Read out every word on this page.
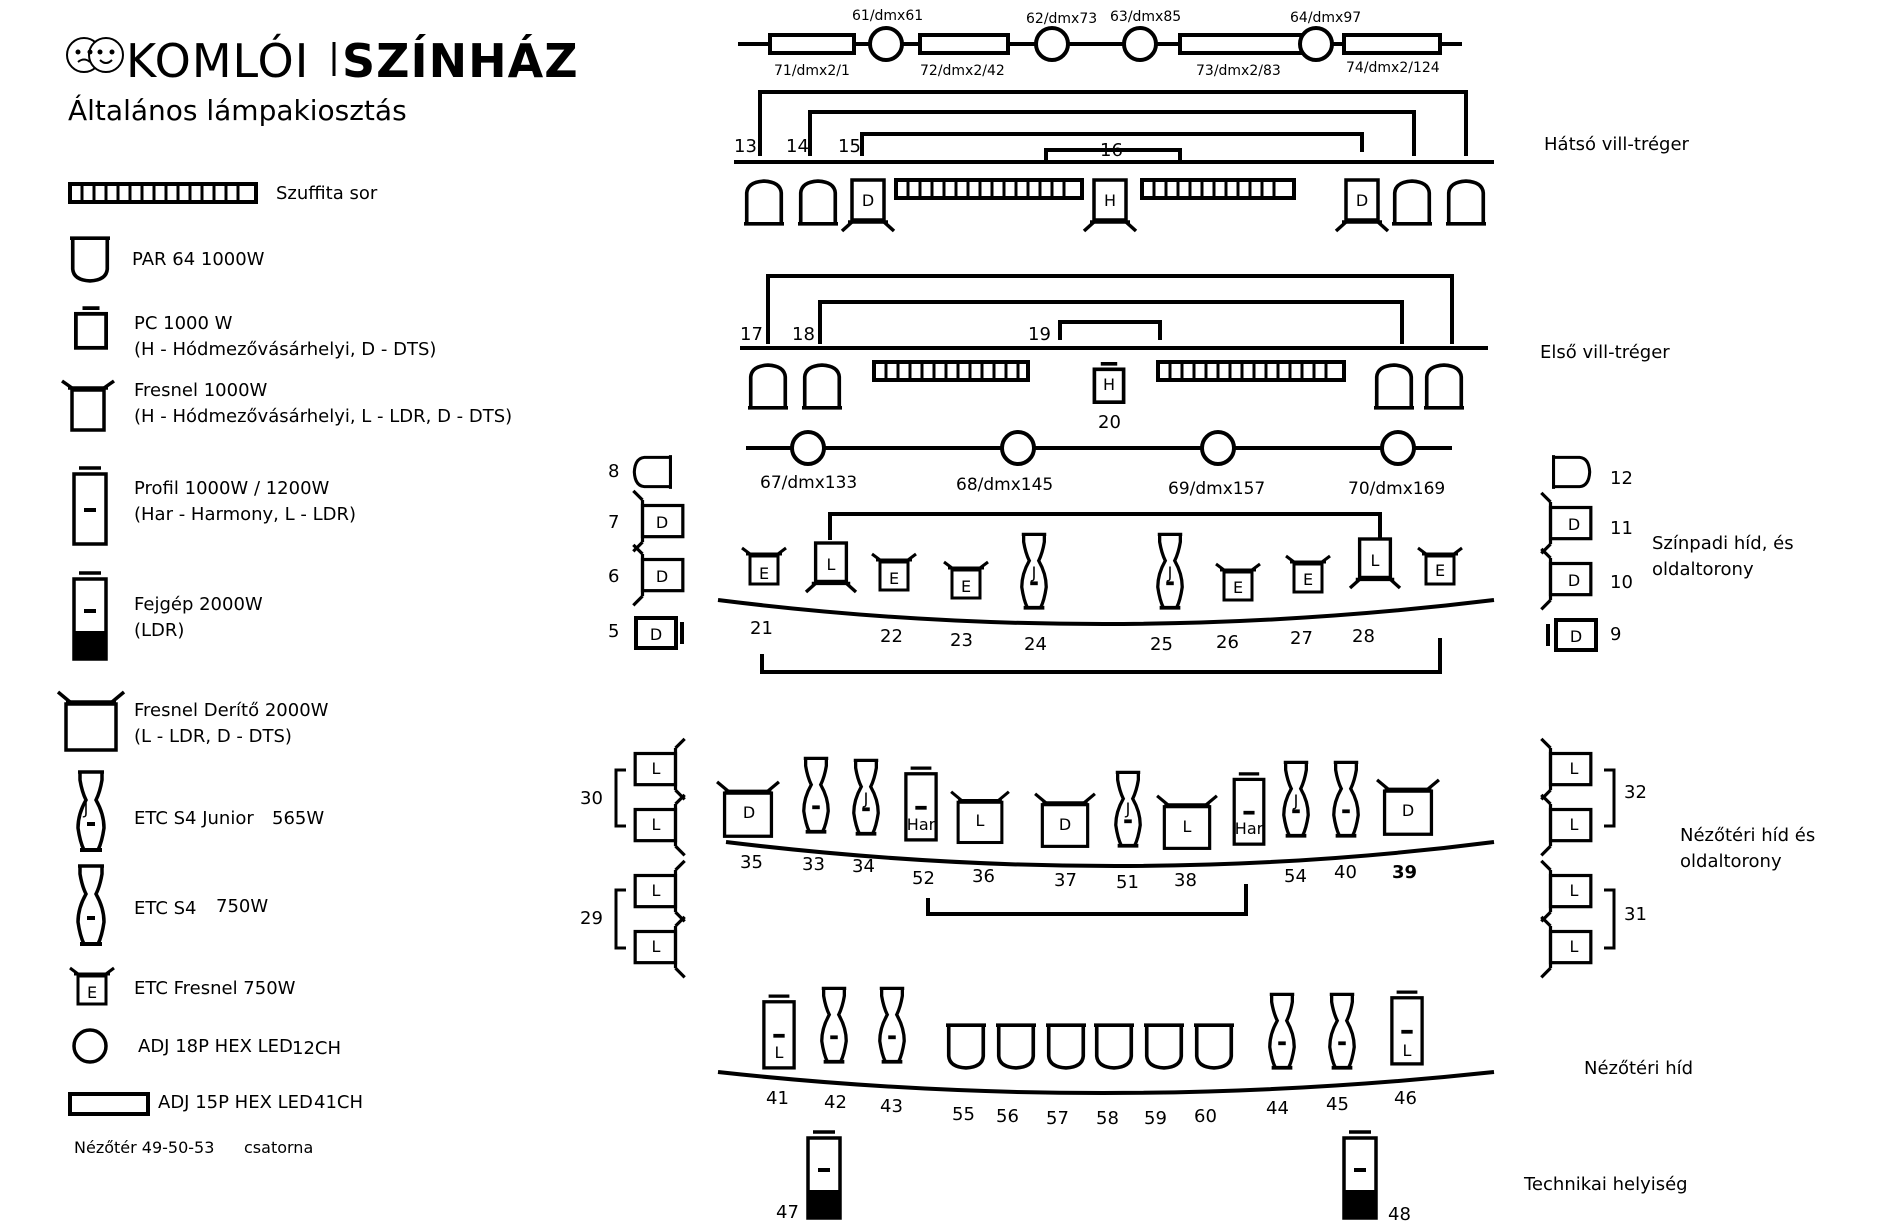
KOMLÓI SZÍNHÁZ
Általános lámpakiosztás
Szuffita sor
PAR 64 1000W
PC 1000 W
(H - Hódmezővásárhelyi, D - DTS)
Fresnel 1000W
(H - Hódmezővásárhelyi, L - LDR, D - DTS)
Profil 1000W / 1200W
(Har - Harmony, L - LDR)
Fejgép 2000W
(LDR)
Fresnel Derítő 2000W
(L - LDR, D - DTS)
J	ETC S4 Junior 565W
ETC S4 750W
E ETC Fresnel 750W
ADJ 18P HEX LED 12CH
ADJ 15P HEX LED 41CH
Nézőtér 49-50-53 csatorna
61/dmx61	62/dmx73 63/dmx85	64/dmx97
71/dmx2/1	72/dmx2/42	73/dmx2/83	74/dmx2/124
13 14 15	16
D	H	D
Hátsó vill-tréger
17 18	19
H
20
Első vill-tréger
67/dmx133	68/dmx145	69/dmx157	70/dmx169
8
D
7
D
6
D
5
12
D 11
D 10
D 9
E	L
E	E
J	J
E	E
L
E
21	22	23	24	25 26	27 28
Színpadi híd, és
oldaltorony
L
L
L
L
30
29
L
L
L
L
32
31
D
J
Har	L	D
J
L	Har
J
D
35 33 34
52 36	37 51 38	54 40 39
Nézőtéri híd és
oldaltorony
L	L
41 42 43	55 56 57 58 59 60	44 45	46
Nézőtéri híd
47	48
Technikai helyiség
